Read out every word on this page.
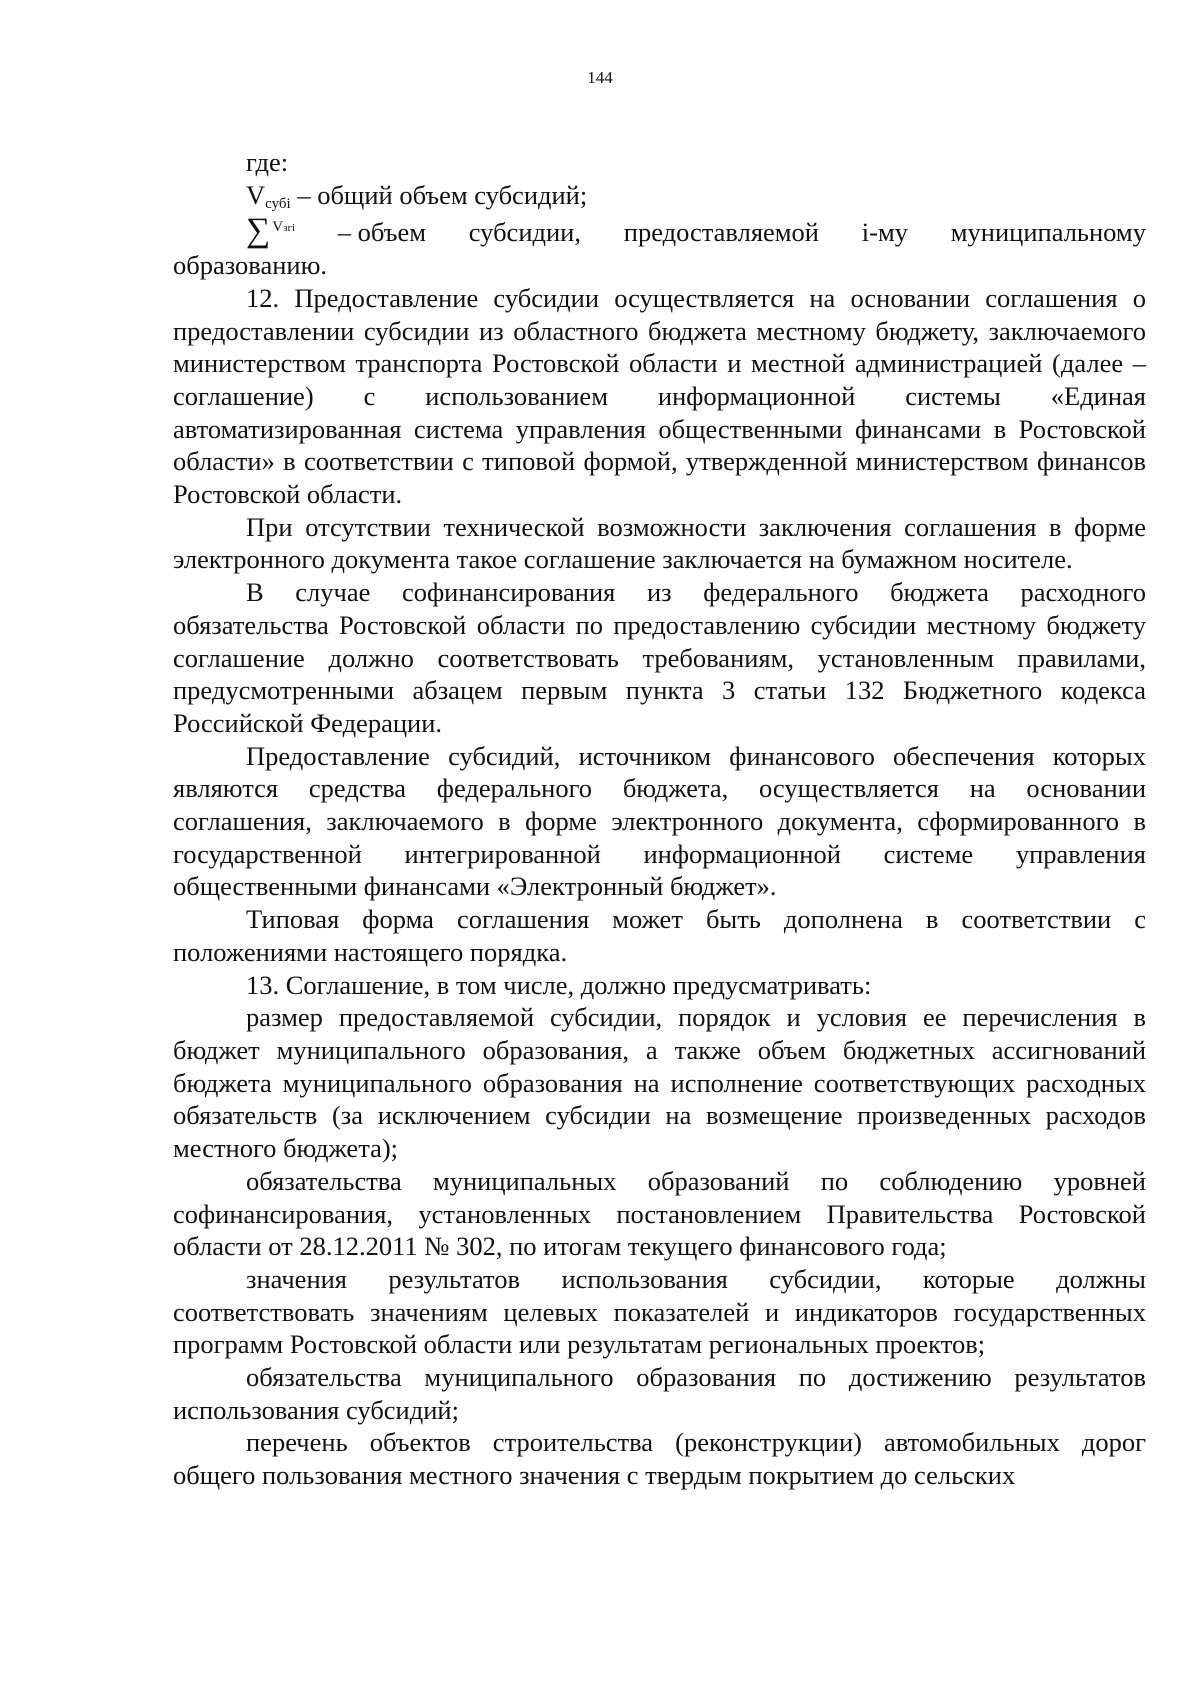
144

где:

$V_{субi}$ – общий объем субсидий;

∑ $^{Vзгi}$ – объем субсидии, предоставляемой i-му муниципальному

образованию.

12. Предоставление субсидии осуществляется на основании соглашения о предоставлении субсидии из областного бюджета местному бюджету, заключаемого министерством транспорта Ростовской области и местной администрацией (далее – соглашение) с использованием информационной системы «Единая автоматизированная система управления общественными финансами в Ростовской области» в соответствии с типовой формой, утвержденной министерством финансов Ростовской области.

При отсутствии технической возможности заключения соглашения в форме электронного документа такое соглашение заключается на бумажном носителе.

В случае софинансирования из федерального бюджета расходного обязательства Ростовской области по предоставлению субсидии местному бюджету соглашение должно соответствовать требованиям, установленным правилами, предусмотренными абзацем первым пункта 3 статьи 132 Бюджетного кодекса Российской Федерации.

Предоставление субсидий, источником финансового обеспечения которых являются средства федерального бюджета, осуществляется на основании соглашения, заключаемого в форме электронного документа, сформированного в государственной интегрированной информационной системе управления общественными финансами «Электронный бюджет».

Типовая форма соглашения может быть дополнена в соответствии с положениями настоящего порядка.

13. Соглашение, в том числе, должно предусматривать:

размер предоставляемой субсидии, порядок и условия ее перечисления в бюджет муниципального образования, а также объем бюджетных ассигнований бюджета муниципального образования на исполнение соответствующих расходных обязательств (за исключением субсидии на возмещение произведенных расходов местного бюджета);

обязательства муниципальных образований по соблюдению уровней софинансирования, установленных постановлением Правительства Ростовской области от 28.12.2011 № 302, по итогам текущего финансового года;

значения результатов использования субсидии, которые должны соответствовать значениям целевых показателей и индикаторов государственных программ Ростовской области или результатам региональных проектов;

обязательства муниципального образования по достижению результатов использования субсидий;

перечень объектов строительства (реконструкции) автомобильных дорог общего пользования местного значения с твердым покрытием до сельских
